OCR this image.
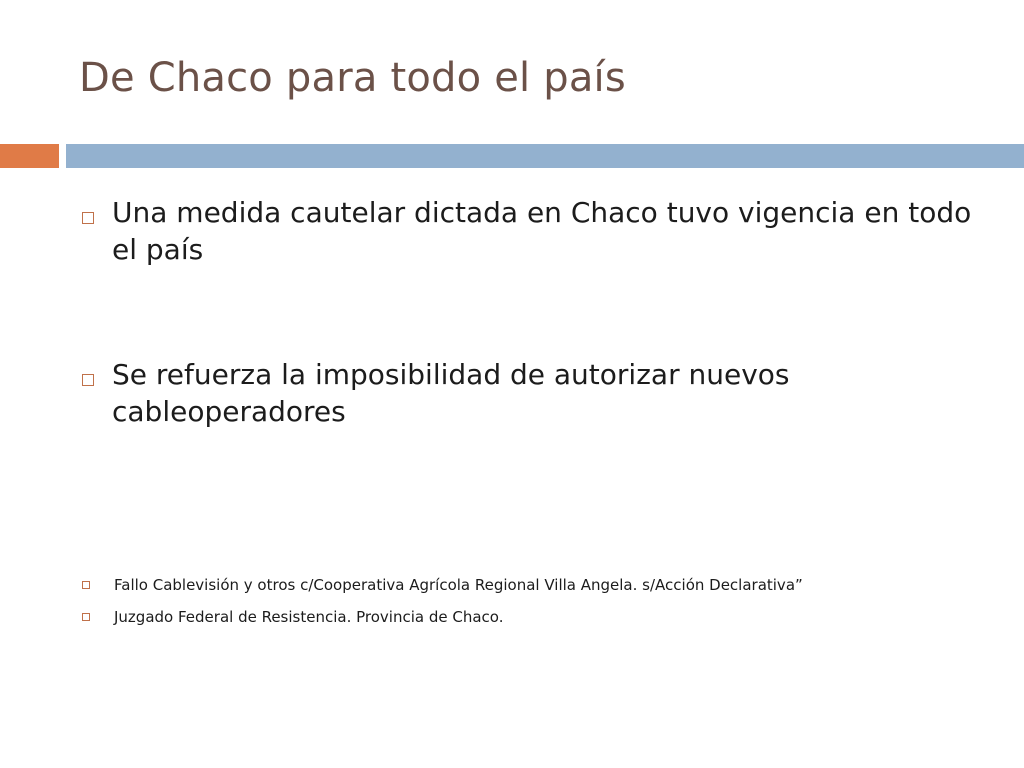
De Chaco para todo el país
Una medida cautelar dictada en Chaco tuvo vigencia en todo el país
Se refuerza la imposibilidad de autorizar nuevos cableoperadores
Fallo Cablevisión y otros c/Cooperativa Agrícola Regional Villa Angela. s/Acción Declarativa”
Juzgado Federal de Resistencia. Provincia de Chaco.
